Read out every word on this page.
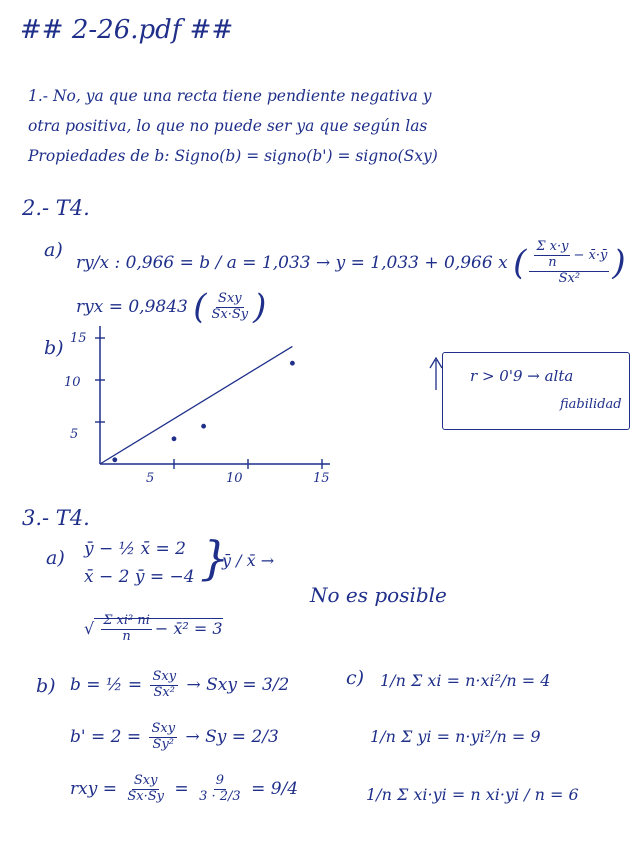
## 2-26.pdf ##
1.- No, ya que una recta tiene pendiente negativa y
otra positiva, lo que no puede ser ya que según las
Propiedades de b: Signo(b) = signo(b') = signo(Sxy)
2.- T4.
a)
ry/x : 0,966 = b / a = 1,033 → y = 1,033 + 0,966 x ( $\frac{\frac{\text{Σ x·y}}{n} - x̄\cdot ȳ}{\text{Sx²}}$ )
ryx = 0,9843 ( $\frac{\text{Sxy}}{Sx\cdot Sy}$ )
b) 15
10
5
5	10	15
r > 0'9 → alta
fiabilidad
3.- T4.
a) ȳ − ½ x̄ = 2
x̄ − 2 ȳ = −4 }
ȳ / x̄ →
No es posible
√ $\frac{\text{Σ xi² ni}}{n}$ − x̄² = 3
b) b = ½ = $\frac{\text{Sxy}}{\text{Sx²}}$ → Sxy = 3/2
$b' = 2 = \frac{\text{Sxy}}{\text{Sy²}} \to Sy = 2/3$
rxy = $\frac{\text{Sxy}}{Sx\cdot Sy} = \frac{9}{3 \cdot 2/3} = 9/4$
c) 1/n Σ xi = n·xi²/n = 4
1/n Σ yi = n·yi²/n = 9
1/n Σ xi·yi = n xi·yi / n = 6
